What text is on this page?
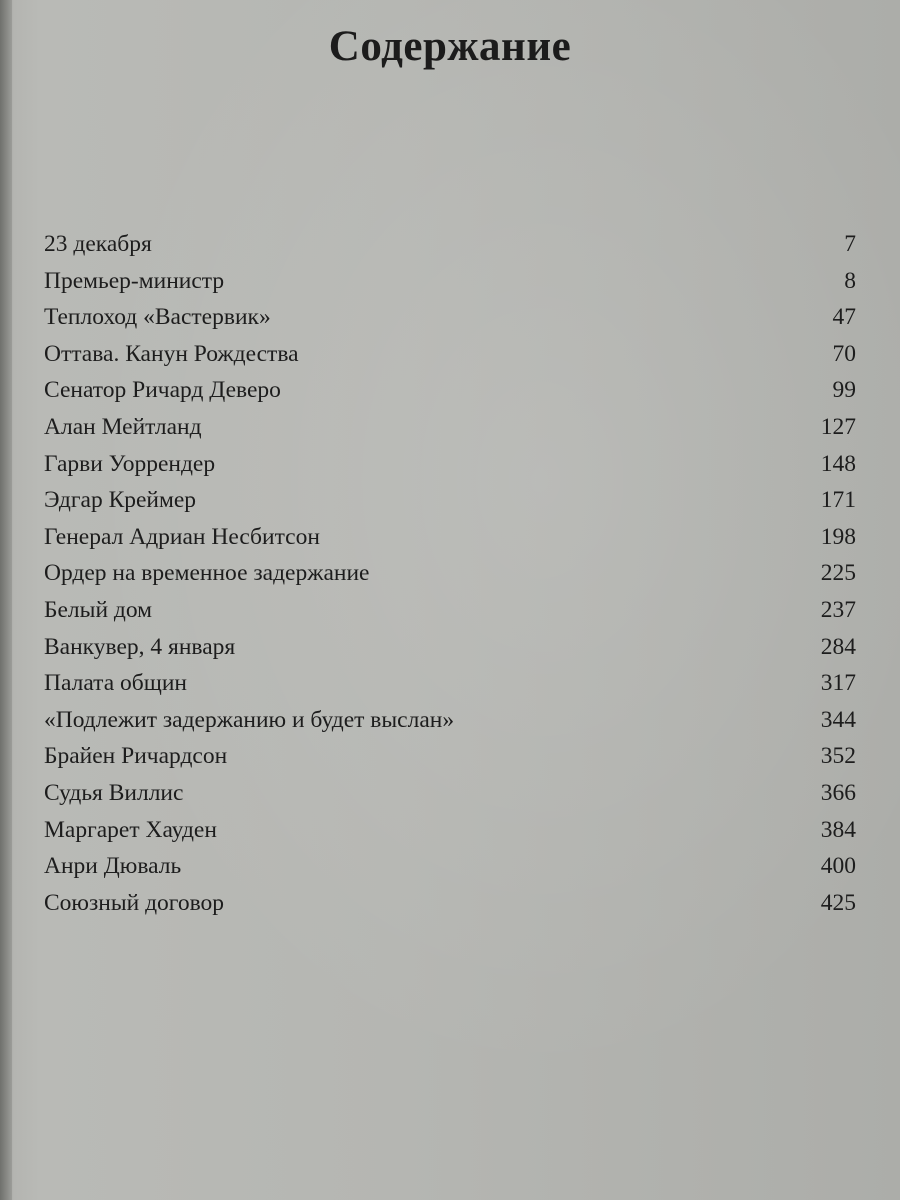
Содержание
23 декабря	7
Премьер-министр	8
Теплоход «Вастервик»	47
Оттава. Канун Рождества	70
Сенатор Ричард Деверо	99
Алан Мейтланд	127
Гарви Уоррендер	148
Эдгар Креймер	171
Генерал Адриан Несбитсон	198
Ордер на временное задержание	225
Белый дом	237
Ванкувер, 4 января	284
Палата общин	317
«Подлежит задержанию и будет выслан»	344
Брайен Ричардсон	352
Судья Виллис	366
Маргарет Хауден	384
Анри Дюваль	400
Союзный договор	425
